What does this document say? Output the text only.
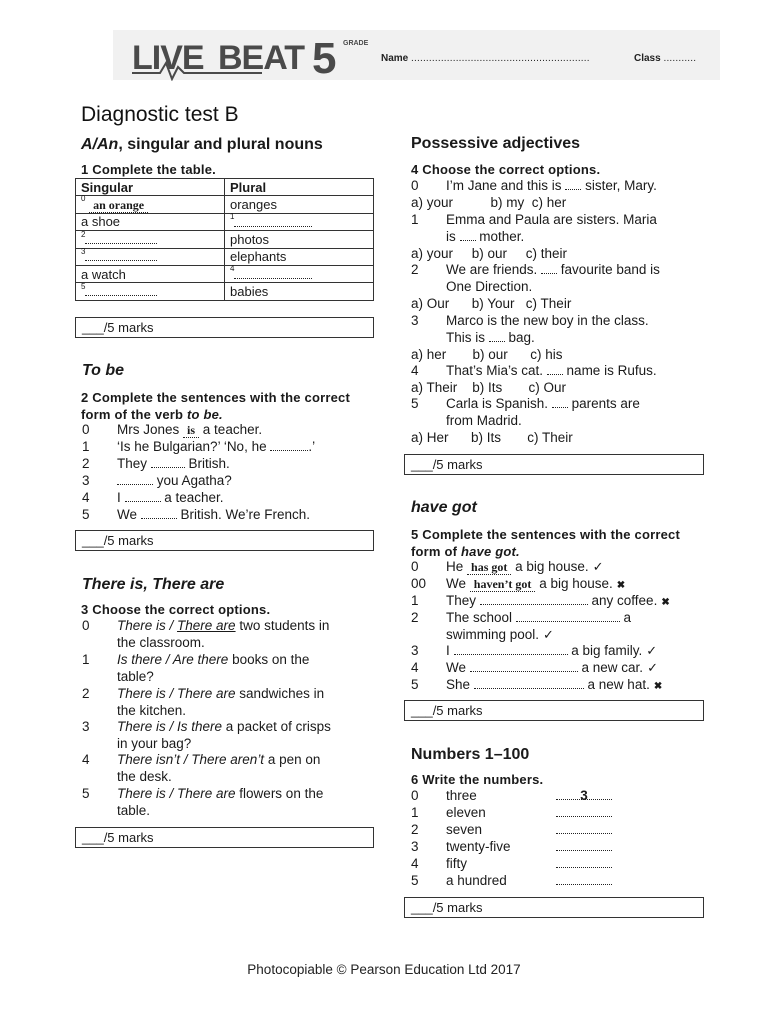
LIVE BEAT 5 GRADE
Name ............................................................	Class ...........
Diagnostic test B
A/An, singular and plural nouns
1 Complete the table.
Singular	Plural
$^0$ an orange	oranges
a shoe	$^1$
$^2$	photos
$^3$	elephants
a watch	$^4$
$^5$	babies
___/5 marks
To be
2 Complete the sentences with the correct form of the verb to be.
0 Mrs Jones is a teacher.
1 ‘Is he Bulgarian?’ ‘No, he	.’
2 They	British.
3	you Agatha?
4 I	a teacher.
5 We	British. We’re French.
___/5 marks
There is, There are
3 Choose the correct options.
0 There is / There are two students in
the classroom.
1 Is there / Are there books on the
table?
2 There is / There are sandwiches in
the kitchen.
3 There is / Is there a packet of crisps
in your bag?
4 There isn’t / There aren’t a pen on
the desk.
5 There is / There are flowers on the
table.
___/5 marks
Possessive adjectives
4 Choose the correct options.
0 I’m Jane and this is  sister, Mary.
a) your          b) my  c) her
1 Emma and Paula are sisters. Maria
is  mother.
a) your     b) our     c) their
2 We are friends.  favourite band is
One Direction.
a) Our      b) Your   c) Their
3 Marco is the new boy in the class.
This is  bag.
a) her       b) our      c) his
4 That’s Mia’s cat.  name is Rufus.
a) Their    b) Its       c) Our
5 Carla is Spanish.  parents are
from Madrid.
a) Her      b) Its       c) Their
___/5 marks
have got
5 Complete the sentences with the correct form of have got.
0 He has got a big house. ✓
00 We haven’t got a big house. ✖
1 They	any coffee. ✖
2 The school	a
swimming pool. ✓
3 I	a big family. ✓
4 We	a new car. ✓
5 She	a new hat. ✖
___/5 marks
Numbers 1–100
6 Write the numbers.
0 three	3
1 eleven
2 seven
3 twenty-five
4 fifty
5 a hundred
___/5 marks
Photocopiable © Pearson Education Ltd 2017
